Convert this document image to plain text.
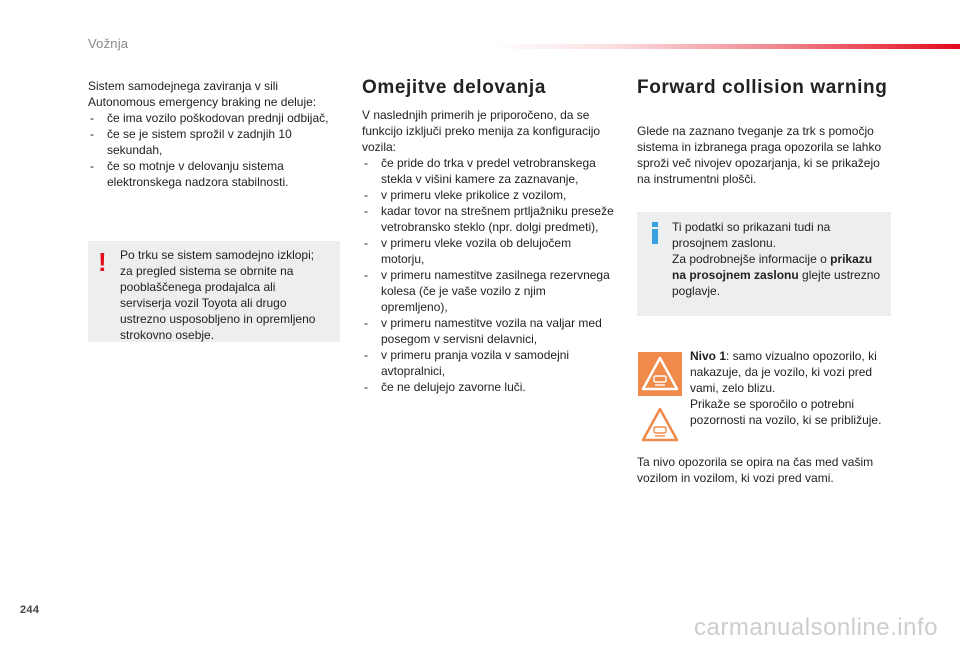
Vožnja

Sistem samodejnega zaviranja v sili

Autonomous emergency braking ne deluje:

- če ima vozilo poškodovan prednji odbijač,
- če se je sistem sprožil v zadnjih 10 sekundah,
- če so motnje v delovanju sistema elektronskega nadzora stabilnosti.
! Po trku se sistem samodejno izklopi; za pregled sistema se obrnite na pooblaščenega prodajalca ali serviserja vozil Toyota ali drugo ustrezno usposobljeno in opremljeno strokovno osebje.
Omejitve delovanja

V naslednjih primerih je priporočeno, da se funkcijo izključi preko menija za konfiguracijo vozila:

- če pride do trka v predel vetrobranskega stekla v višini kamere za zaznavanje,
- v primeru vleke prikolice z vozilom,
- kadar tovor na strešnem prtljažniku preseže vetrobransko steklo (npr. dolgi predmeti),
- v primeru vleke vozila ob delujočem motorju,
- v primeru namestitve zasilnega rezervnega kolesa (če je vaše vozilo z njim opremljeno),
- v primeru namestitve vozila na valjar med posegom v servisni delavnici,
- v primeru pranja vozila v samodejni avtopralnici,
- če ne delujejo zavorne luči.
Forward collision warning
Glede na zaznano tveganje za trk s pomočjo sistema in izbranega praga opozorila se lahko sproži več nivojev opozarjanja, ki se prikažejo na instrumentni plošči.
Ti podatki so prikazani tudi na prosojnem zaslonu.
Za podrobnejše informacije o prikazu na prosojnem zaslonu glejte ustrezno poglavje.
Nivo 1: samo vizualno opozorilo, ki nakazuje, da je vozilo, ki vozi pred vami, zelo blizu.
Prikaže se sporočilo o potrebni pozornosti na vozilo, ki se približuje.
Ta nivo opozorila se opira na čas med vašim vozilom in vozilom, ki vozi pred vami.
244
carmanualsonline.info
